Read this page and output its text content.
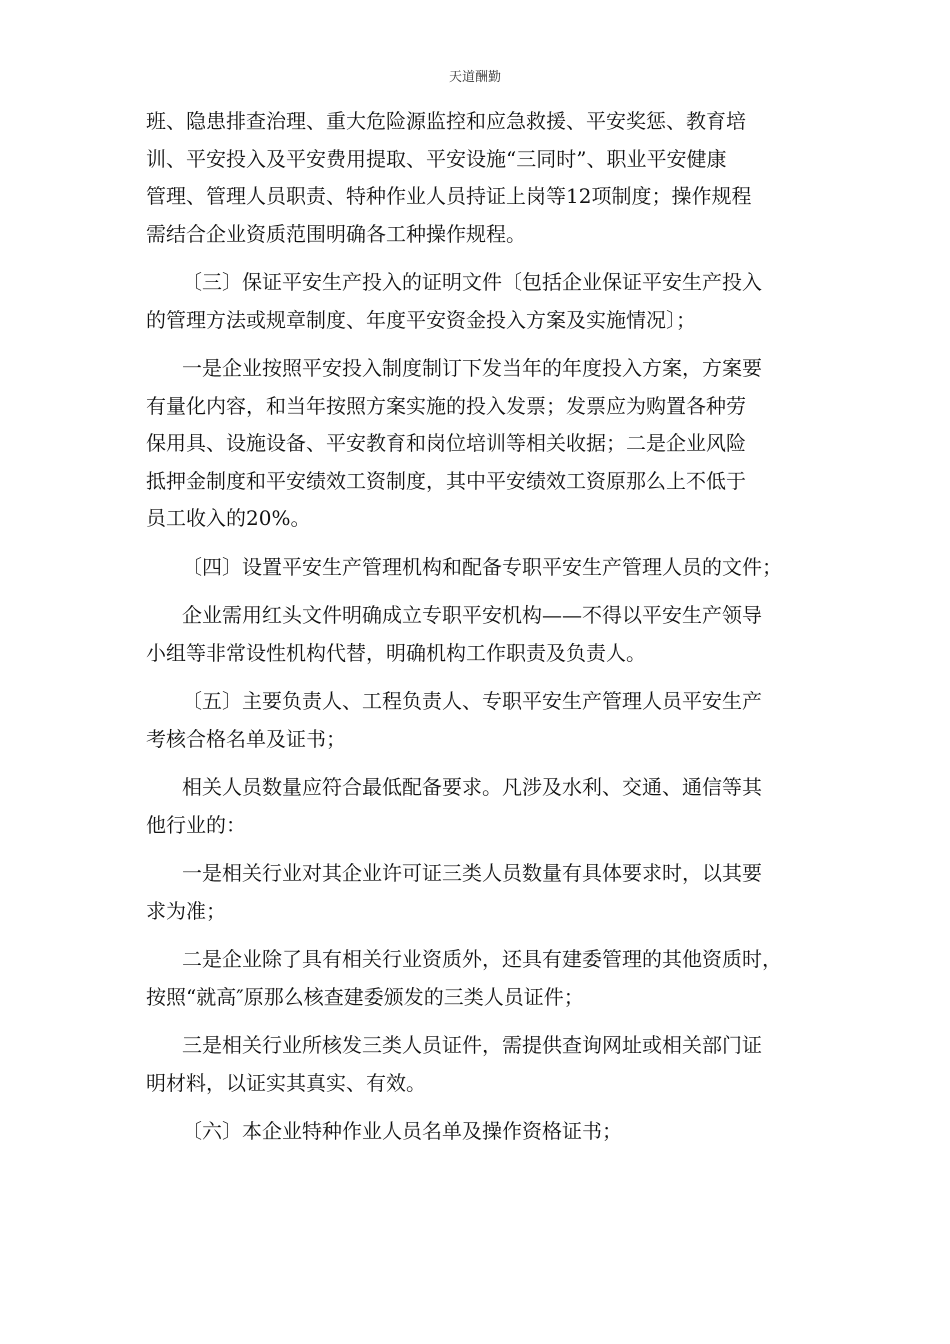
天道酬勤

班、隐患排查治理、重大危险源监控和应急救援、平安奖惩、教育培
训、平安投入及平安费用提取、平安设施“三同时”、职业平安健康
管理、管理人员职责、特种作业人员持证上岗等12项制度；操作规程
需结合企业资质范围明确各工种操作规程。

〔三〕保证平安生产投入的证明文件〔包括企业保证平安生产投入
的管理方法或规章制度、年度平安资金投入方案及实施情况〕；

一是企业按照平安投入制度制订下发当年的年度投入方案，方案要
有量化内容，和当年按照方案实施的投入发票；发票应为购置各种劳
保用具、设施设备、平安教育和岗位培训等相关收据；二是企业风险
抵押金制度和平安绩效工资制度，其中平安绩效工资原那么上不低于
员工收入的20%。

〔四〕设置平安生产管理机构和配备专职平安生产管理人员的文件；

企业需用红头文件明确成立专职平安机构——不得以平安生产领导
小组等非常设性机构代替，明确机构工作职责及负责人。

〔五〕主要负责人、工程负责人、专职平安生产管理人员平安生产
考核合格名单及证书；

相关人员数量应符合最低配备要求。凡涉及水利、交通、通信等其
他行业的：

一是相关行业对其企业许可证三类人员数量有具体要求时，以其要
求为准；

二是企业除了具有相关行业资质外，还具有建委管理的其他资质时，
按照“就高″原那么核查建委颁发的三类人员证件；

三是相关行业所核发三类人员证件，需提供查询网址或相关部门证
明材料，以证实其真实、有效。

〔六〕本企业特种作业人员名单及操作资格证书；
